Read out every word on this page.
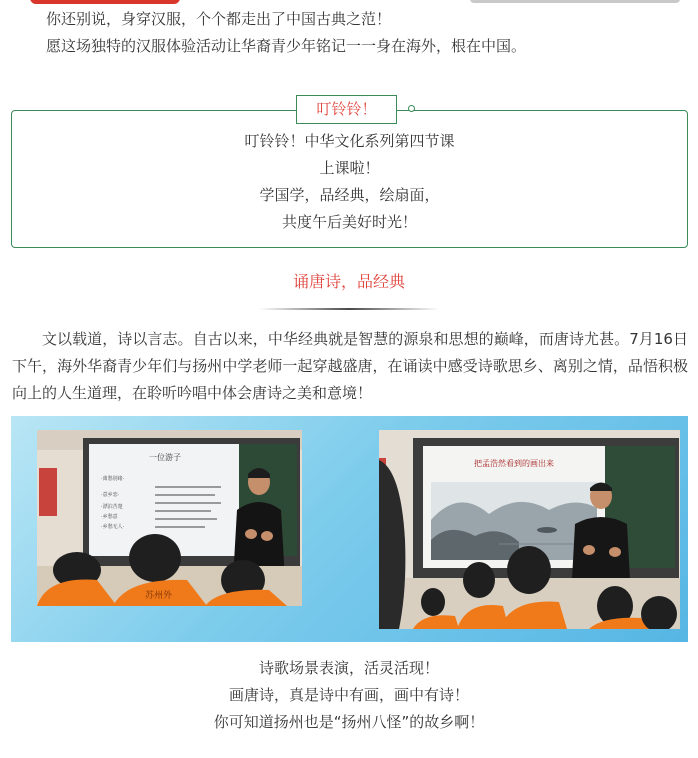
你还别说，身穿汉服，个个都走出了中国古典之范！

愿这场独特的汉服体验活动让华裔青少年铭记一一身在海外，根在中国。

叮铃铃！

叮铃铃！中华文化系列第四节课

上课啦！

学国学，品经典，绘扇面，

共度午后美好时光！

诵唐诗，品经典

文以载道，诗以言志。自古以来，中华经典就是智慧的源泉和思想的巅峰，而唐诗尤甚。7月16日下午，海外华裔青少年们与扬州中学老师一起穿越盛唐，在诵读中感受诗歌思乡、离别之情，品悟积极向上的人生道理，在聆听吟唱中体会唐诗之美和意境！

一位游子
·离愁别绪·
·意乡恋·
·漂泊苦楚
·乡愁意
·乡愁无人·
苏州外
把孟浩然看到的画出来

诗歌场景表演，活灵活现！

画唐诗，真是诗中有画，画中有诗！

你可知道扬州也是“扬州八怪”的故乡啊！
